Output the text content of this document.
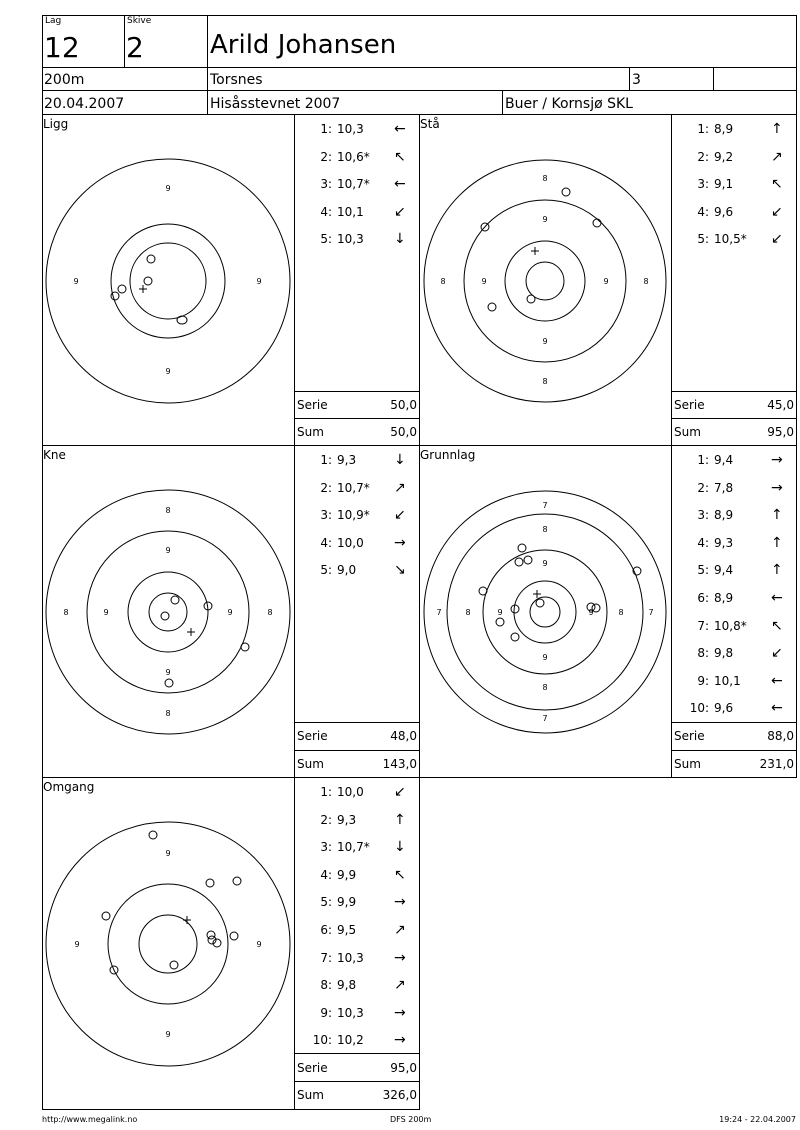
Lag
12
Skive
2	Arild Johansen
200m	Torsnes	3
20.04.2007	Hisåsstevnet 2007	Buer / Kornsjø SKL
Ligg	Stå
Kne	Grunnlag
Omgang
9
9
9	9
8
8
8	8
9
9
9	9
8
8
8	8
9
9
9	9
7
7
7	7
8
8
8	8
9
9
9	9
9
9
9	9
1: 10,3 ←
2: 10,6* ↖
3: 10,7* ←
4: 10,1 ↙
5: 10,3 ↓
1: 8,9	↑
2: 9,2	↗
3: 9,1	↖
4: 9,6	↙
5: 10,5* ↙
1: 9,3	↓
2: 10,7* ↗
3: 10,9* ↙
4: 10,0 →
5: 9,0	↘
1: 9,4	→
2: 7,8	→
3: 8,9	↑
4: 9,3	↑
5: 9,4	↑
6: 8,9	←
7: 10,8* ↖
8: 9,8	↙
9: 10,1 ←
10: 9,6	←
1: 10,0 ↙
2: 9,3	↑
3: 10,7* ↓
4: 9,9	↖
5: 9,9	→
6: 9,5	↗
7: 10,3 →
8: 9,8	↗
9: 10,3 →
10: 10,2 →
Serie	50,0
Sum	50,0
Serie	45,0
Sum	95,0
Serie	48,0
Sum	143,0
Serie	88,0
Sum	231,0
Serie	95,0
Sum	326,0
http://www.megalink.no	DFS 200m	19:24 - 22.04.2007
